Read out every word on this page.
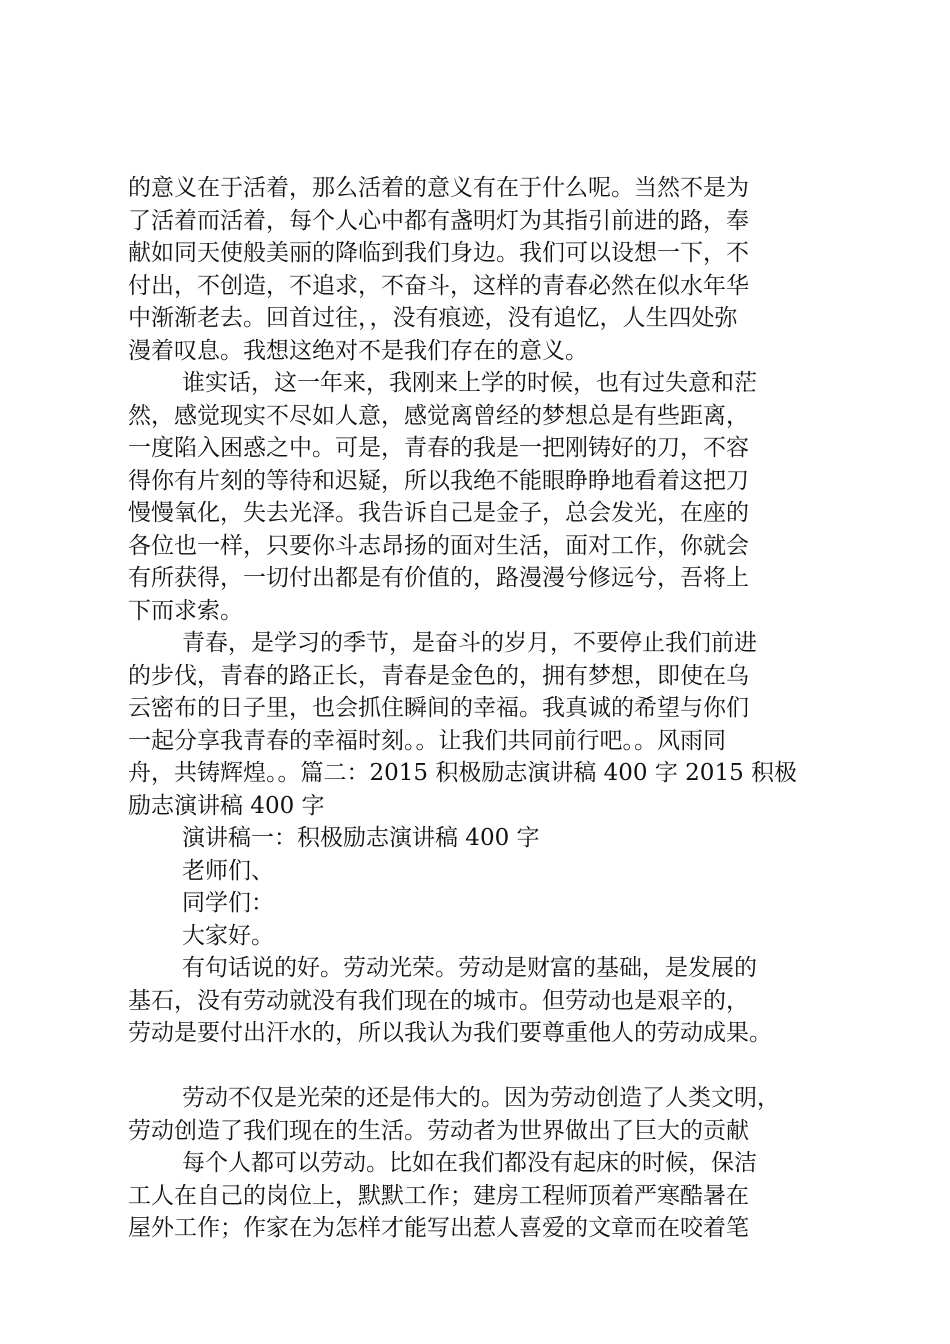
的意义在于活着，那么活着的意义有在于什么呢。当然不是为
了活着而活着，每个人心中都有盏明灯为其指引前进的路，奉
献如同天使般美丽的降临到我们身边。我们可以设想一下，不
付出，不创造，不追求，不奋斗，这样的青春必然在似水年华
中渐渐老去。回首过往，，没有痕迹，没有追忆，人生四处弥
漫着叹息。我想这绝对不是我们存在的意义。
谁实话，这一年来，我刚来上学的时候，也有过失意和茫
然，感觉现实不尽如人意，感觉离曾经的梦想总是有些距离，
一度陷入困惑之中。可是，青春的我是一把刚铸好的刀，不容
得你有片刻的等待和迟疑，所以我绝不能眼睁睁地看着这把刀
慢慢氧化，失去光泽。我告诉自己是金子，总会发光，在座的
各位也一样，只要你斗志昂扬的面对生活，面对工作，你就会
有所获得，一切付出都是有价值的，路漫漫兮修远兮，吾将上
下而求索。
青春，是学习的季节，是奋斗的岁月，不要停止我们前进
的步伐，青春的路正长，青春是金色的，拥有梦想，即使在乌
云密布的日子里，也会抓住瞬间的幸福。我真诚的希望与你们
一起分享我青春的幸福时刻。。让我们共同前行吧。。风雨同
舟，共铸辉煌。。篇二：2015 积极励志演讲稿 400 字 2015 积极
励志演讲稿 400 字
演讲稿一：积极励志演讲稿 400 字
老师们、
同学们：
大家好。
有句话说的好。劳动光荣。劳动是财富的基础，是发展的
基石，没有劳动就没有我们现在的城市。但劳动也是艰辛的，
劳动是要付出汗水的，所以我认为我们要尊重他人的劳动成果。
劳动不仅是光荣的还是伟大的。因为劳动创造了人类文明，
劳动创造了我们现在的生活。劳动者为世界做出了巨大的贡献
每个人都可以劳动。比如在我们都没有起床的时候，保洁
工人在自己的岗位上，默默工作；建房工程师顶着严寒酷暑在
屋外工作；作家在为怎样才能写出惹人喜爱的文章而在咬着笔
